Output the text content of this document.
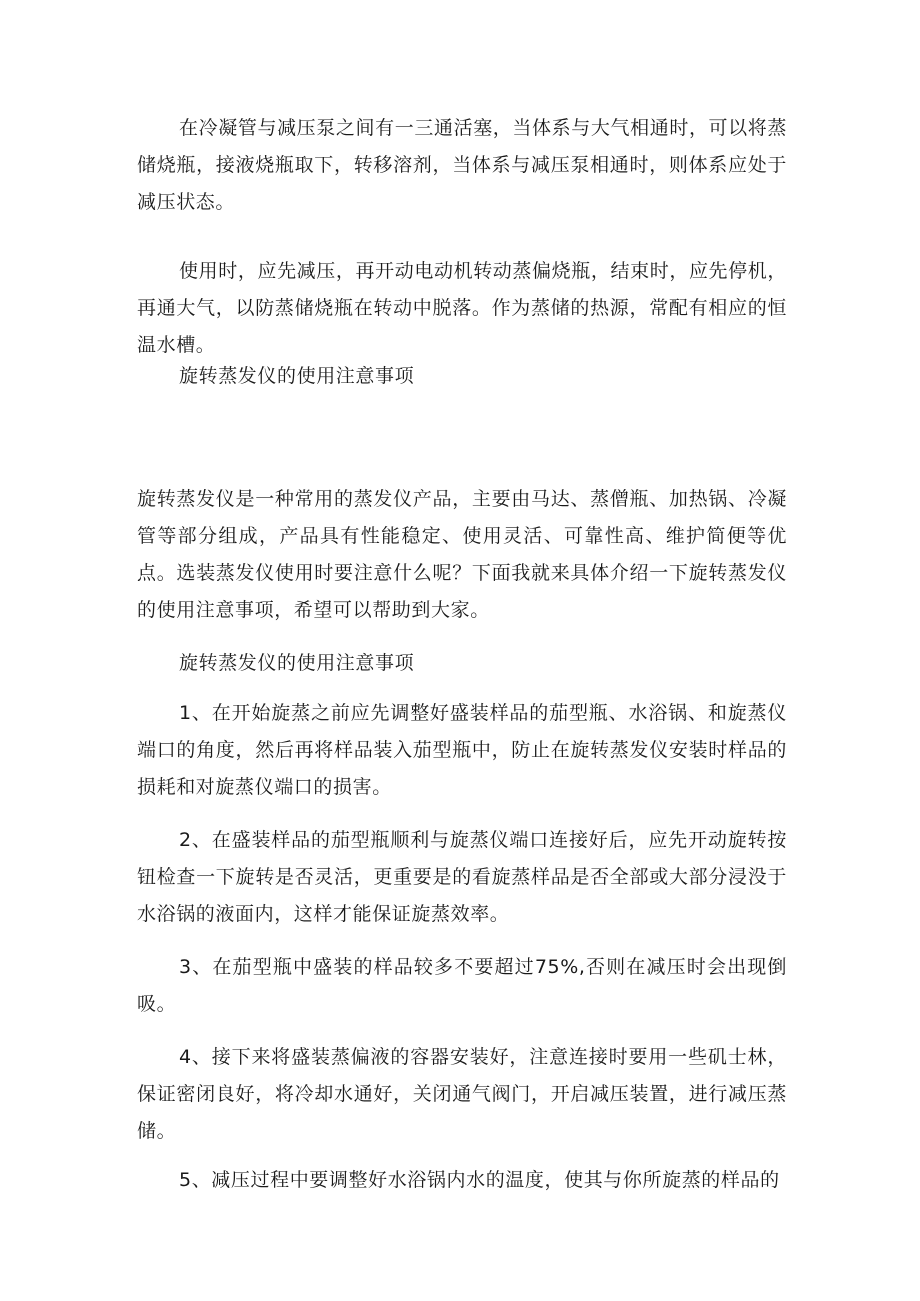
在冷凝管与减压泵之间有一三通活塞，当体系与大气相通时，可以将蒸储烧瓶，接液烧瓶取下，转移溶剂，当体系与减压泵相通时，则体系应处于减压状态。

使用时，应先减压，再开动电动机转动蒸偏烧瓶，结束时，应先停机，再通大气，以防蒸储烧瓶在转动中脱落。作为蒸储的热源，常配有相应的恒温水槽。

旋转蒸发仪的使用注意事项

旋转蒸发仪是一种常用的蒸发仪产品，主要由马达、蒸僧瓶、加热锅、冷凝管等部分组成，产品具有性能稳定、使用灵活、可靠性高、维护简便等优点。选装蒸发仪使用时要注意什么呢？下面我就来具体介绍一下旋转蒸发仪的使用注意事项，希望可以帮助到大家。

旋转蒸发仪的使用注意事项

1、在开始旋蒸之前应先调整好盛装样品的茄型瓶、水浴锅、和旋蒸仪端口的角度，然后再将样品装入茄型瓶中，防止在旋转蒸发仪安装时样品的损耗和对旋蒸仪端口的损害。

2、在盛装样品的茄型瓶顺利与旋蒸仪端口连接好后，应先开动旋转按钮检查一下旋转是否灵活，更重要是的看旋蒸样品是否全部或大部分浸没于水浴锅的液面内，这样才能保证旋蒸效率。

3、在茄型瓶中盛装的样品较多不要超过75%,否则在减压时会出现倒吸。

4、接下来将盛装蒸偏液的容器安装好，注意连接时要用一些矶士林，保证密闭良好，将冷却水通好，关闭通气阀门，开启减压装置，进行减压蒸储。

5、减压过程中要调整好水浴锅内水的温度，使其与你所旋蒸的样品的
